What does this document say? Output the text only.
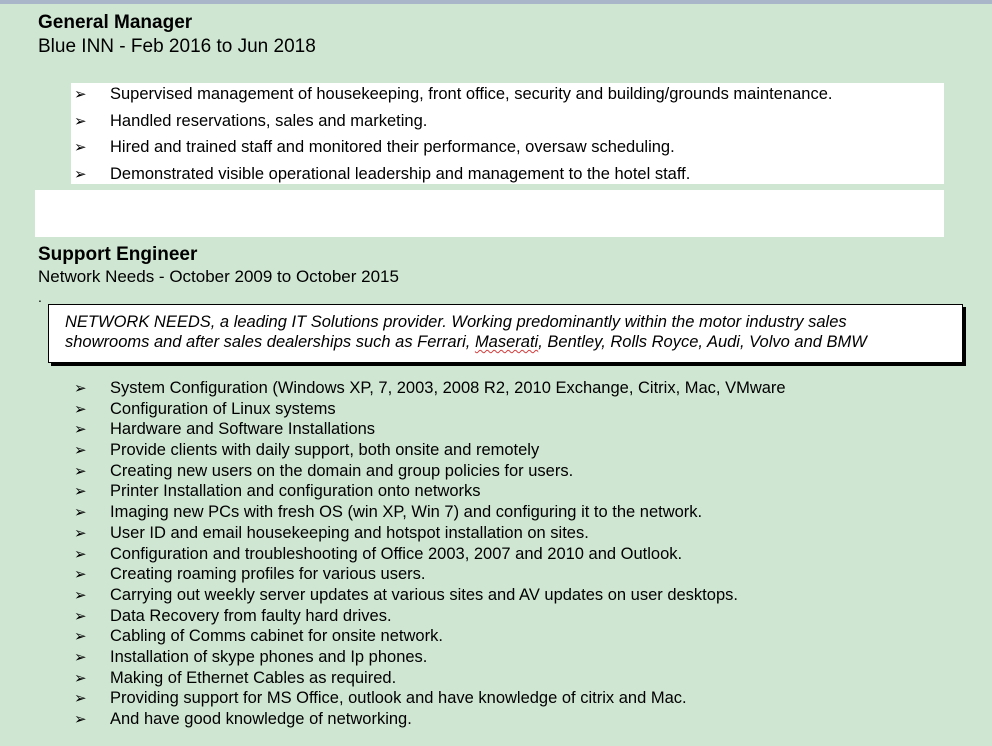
General Manager
Blue INN - Feb 2016 to Jun 2018
➢ Supervised management of housekeeping, front office, security and building/grounds maintenance.
➢ Handled reservations, sales and marketing.
➢ Hired and trained staff and monitored their performance, oversaw scheduling.
➢ Demonstrated visible operational leadership and management to the hotel staff.
Support Engineer
Network Needs - October 2009 to October 2015
.

NETWORK NEEDS, a leading IT Solutions provider. Working predominantly within the motor industry sales

showrooms and after sales dealerships such as Ferrari, Maserati, Bentley, Rolls Royce, Audi, Volvo and BMW

➢ System Configuration (Windows XP, 7, 2003, 2008 R2, 2010 Exchange, Citrix, Mac, VMware
➢ Configuration of Linux systems
➢ Hardware and Software Installations
➢ Provide clients with daily support, both onsite and remotely
➢ Creating new users on the domain and group policies for users.
➢ Printer Installation and configuration onto networks
➢ Imaging new PCs with fresh OS (win XP, Win 7) and configuring it to the network.
➢ User ID and email housekeeping and hotspot installation on sites.
➢ Configuration and troubleshooting of Office 2003, 2007 and 2010 and Outlook.
➢ Creating roaming profiles for various users.
➢ Carrying out weekly server updates at various sites and AV updates on user desktops.
➢ Data Recovery from faulty hard drives.
➢ Cabling of Comms cabinet for onsite network.
➢ Installation of skype phones and Ip phones.
➢ Making of Ethernet Cables as required.
➢ Providing support for MS Office, outlook and have knowledge of citrix and Mac.
➢ And have good knowledge of networking.
